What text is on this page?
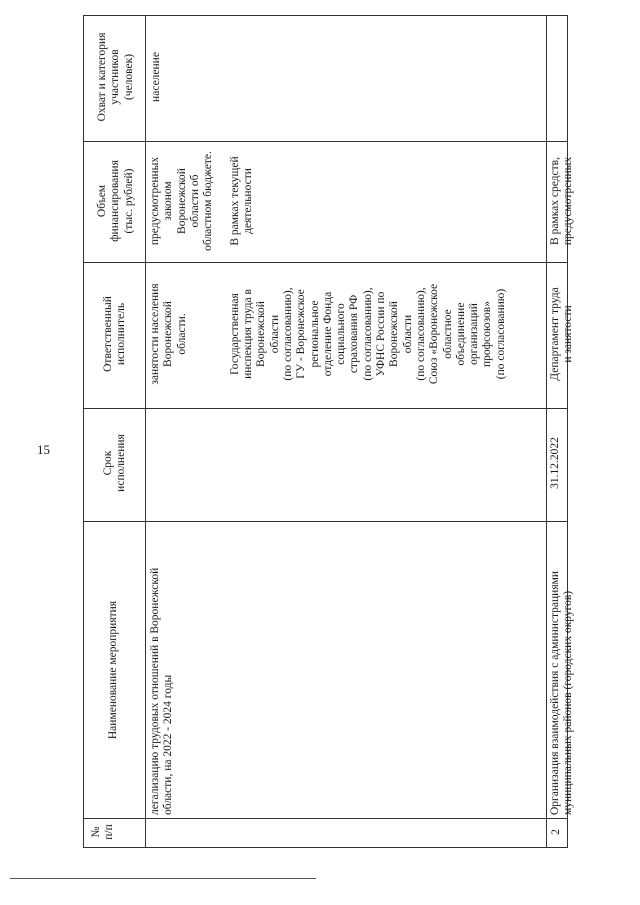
15
№
п/п
Наименование мероприятия
Срок
исполнения
Ответственный
исполнитель
Объем
финансирования
(тыс. рублей)
Охват и категория
участников
(человек)
легализацию трудовых отношений в Воронежской
области, на 2022 - 2024 годы
занятости населения
Воронежской
области.

Государственная
инспекция труда в
Воронежской
области
(по согласованию),
ГУ - Воронежское
региональное
отделение Фонда
социального
страхования РФ
(по согласованию),
УФНС России по
Воронежской
области
(по согласованию),
Союз «Воронежское
областное
объединение
организаций
профсоюзов»
(по согласованию)
предусмотренных
законом
Воронежской
области об
областном бюджете.

В рамках текущей
деятельности
население
2
Организация взаимодействия с администрациями
муниципальных районов (городских округов)
31.12.2022
Департамент труда
и занятости
В рамках средств,
предусмотренных
